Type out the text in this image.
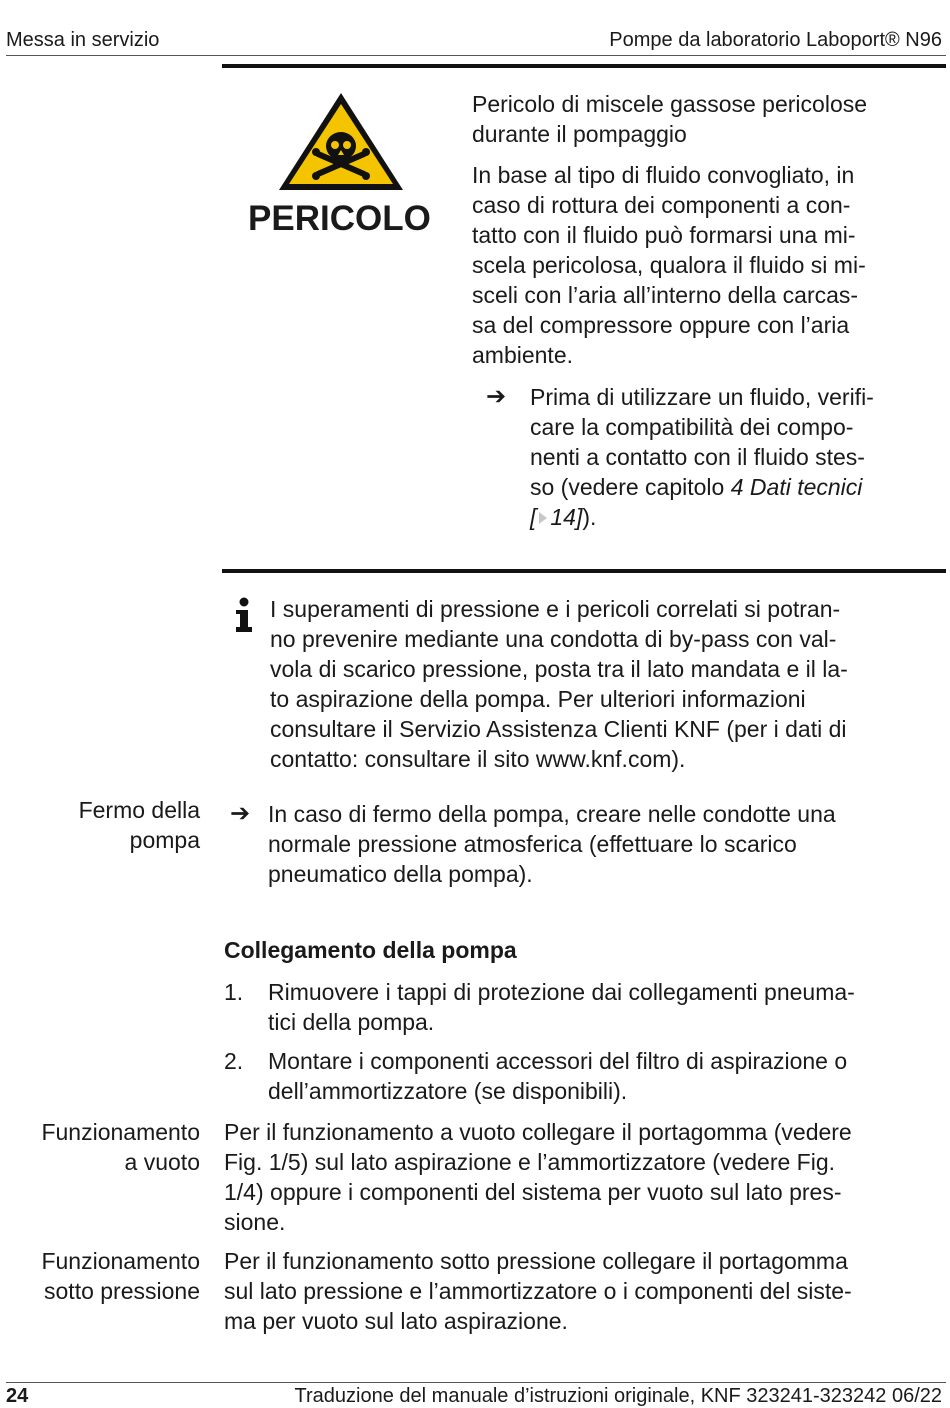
Messa in servizio	Pompe da laboratorio Laboport® N96
PERICOLO
Pericolo di miscele gassose pericolose
durante il pompaggio
In base al tipo di fluido convogliato, in
caso di rottura dei componenti a con-
tatto con il fluido può formarsi una mi-
scela pericolosa, qualora il fluido si mi-
sceli con l’aria all’interno della carcas-
sa del compressore oppure con l’aria
ambiente.
➔ Prima di utilizzare un fluido, verifi-
care la compatibilità dei compo-
nenti a contatto con il fluido stes-
so (vedere capitolo 4 Dati tecnici
[ 14]).
I superamenti di pressione e i pericoli correlati si potran-
no prevenire mediante una condotta di by-pass con val-
vola di scarico pressione, posta tra il lato mandata e il la-
to aspirazione della pompa. Per ulteriori informazioni
consultare il Servizio Assistenza Clienti KNF (per i dati di
contatto: consultare il sito www.knf.com).
Fermo della
pompa
➔ In caso di fermo della pompa, creare nelle condotte una
normale pressione atmosferica (effettuare lo scarico
pneumatico della pompa).
Collegamento della pompa
1. Rimuovere i tappi di protezione dai collegamenti pneuma-
tici della pompa.
2. Montare i componenti accessori del filtro di aspirazione o
dell’ammortizzatore (se disponibili).
Funzionamento
a vuoto
Per il funzionamento a vuoto collegare il portagomma (vedere
Fig. 1/5) sul lato aspirazione e l’ammortizzatore (vedere Fig.
1/4) oppure i componenti del sistema per vuoto sul lato pres-
sione.
Funzionamento
sotto pressione
Per il funzionamento sotto pressione collegare il portagomma
sul lato pressione e l’ammortizzatore o i componenti del siste-
ma per vuoto sul lato aspirazione.
24	Traduzione del manuale d’istruzioni originale, KNF 323241-323242 06/22
